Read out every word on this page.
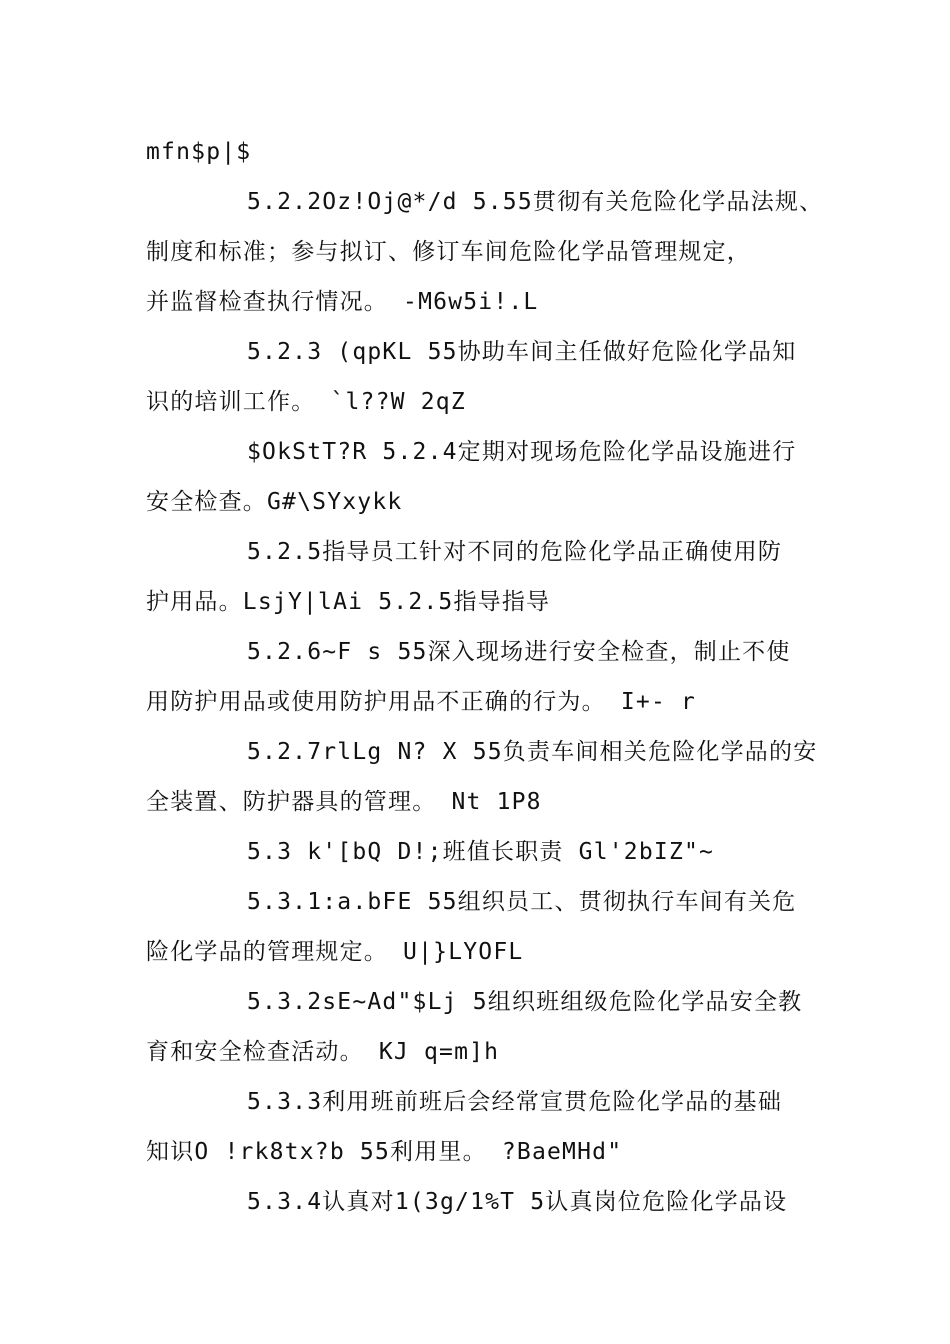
mfn$p|$
5.2.2Oz!Oj@*/d 5.55贯彻有关危险化学品法规、
制度和标准；参与拟订、修订车间危险化学品管理规定，
并监督检查执行情况。 -M6w5i!.L
5.2.3 (qpKL 55协助车间主任做好危险化学品知
识的培训工作。 `l??W 2qZ
$OkStT?R 5.2.4定期对现场危险化学品设施进行
安全检查。G#\SYxykk
5.2.5指导员工针对不同的危险化学品正确使用防
护用品。LsjY|lAi 5.2.5指导指导
5.2.6~F s 55深入现场进行安全检查，制止不使
用防护用品或使用防护用品不正确的行为。 I+- r
5.2.7rlLg N? X 55负责车间相关危险化学品的安
全装置、防护器具的管理。 Nt 1P8
5.3 k'[bQ D!;班值长职责 Gl'2bIZ"~
5.3.1:a.bFE 55组织员工、贯彻执行车间有关危
险化学品的管理规定。 U|}LYOFL
5.3.2sE~Ad"$Lj 5组织班组级危险化学品安全教
育和安全检查活动。 KJ q=m]h
5.3.3利用班前班后会经常宣贯危险化学品的基础
知识O !rk8tx?b 55利用里。 ?BaeMHd"
5.3.4认真对1(3g/1%T 5认真岗位危险化学品设
